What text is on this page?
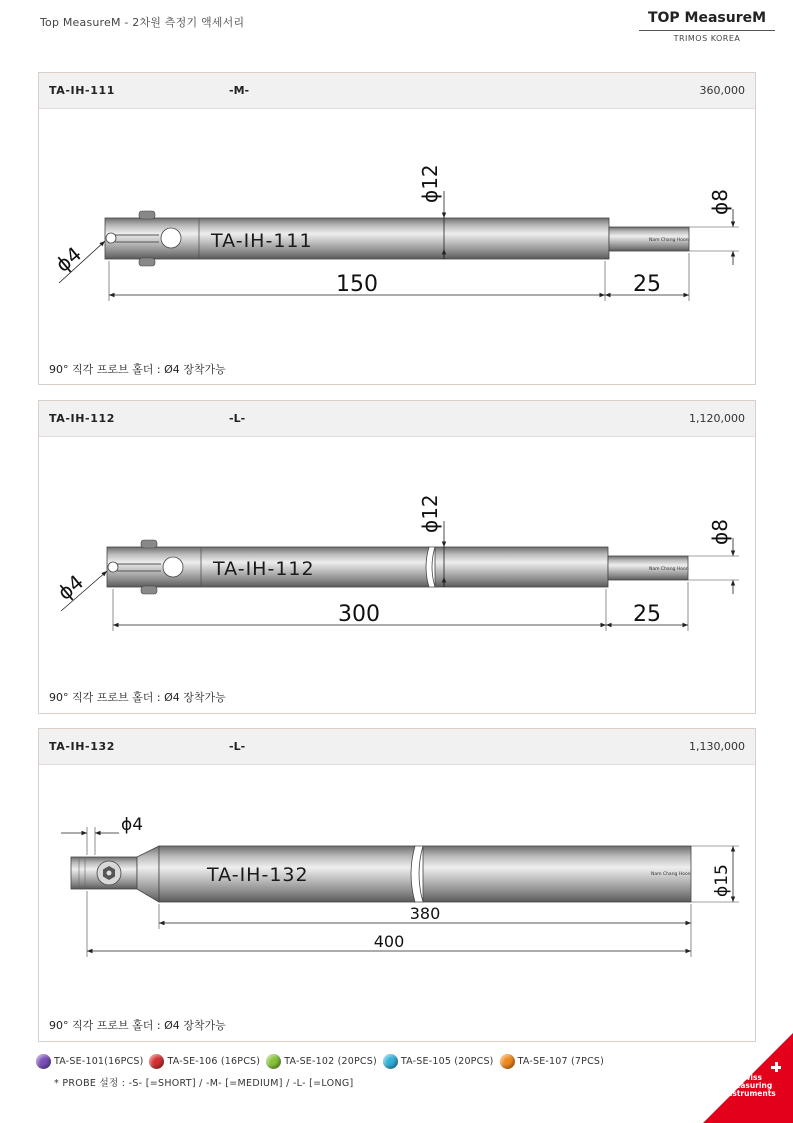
Top MeasureM - 2차원 측정기 액세서리	TOP MeasureM
TRIMOS KOREA
TA-IH-111	-M-	360,000
TA-IH-111	Nam Chang Hoon
ϕ12	ϕ8
ϕ4
150	25
90° 직각 프로브 홀더 : Ø4 장착가능
TA-IH-112	-L-	1,120,000
TA-IH-112	Nam Chang Hoon
ϕ12	ϕ8
ϕ4
300	25
90° 직각 프로브 홀더 : Ø4 장착가능
TA-IH-132	-L-	1,130,000
TA-IH-132	Nam Chang Hoon
ϕ4
ϕ15
380
400
90° 직각 프로브 홀더 : Ø4 장착가능
TA-SE-101(16PCS)	TA-SE-106 (16PCS)	TA-SE-102 (20PCS)	TA-SE-105 (20PCS)	TA-SE-107 (7PCS)
* PROBE 설정 : -S- [=SHORT] / -M- [=MEDIUM] / -L- [=LONG]
Swiss
Measuring
Instruments
